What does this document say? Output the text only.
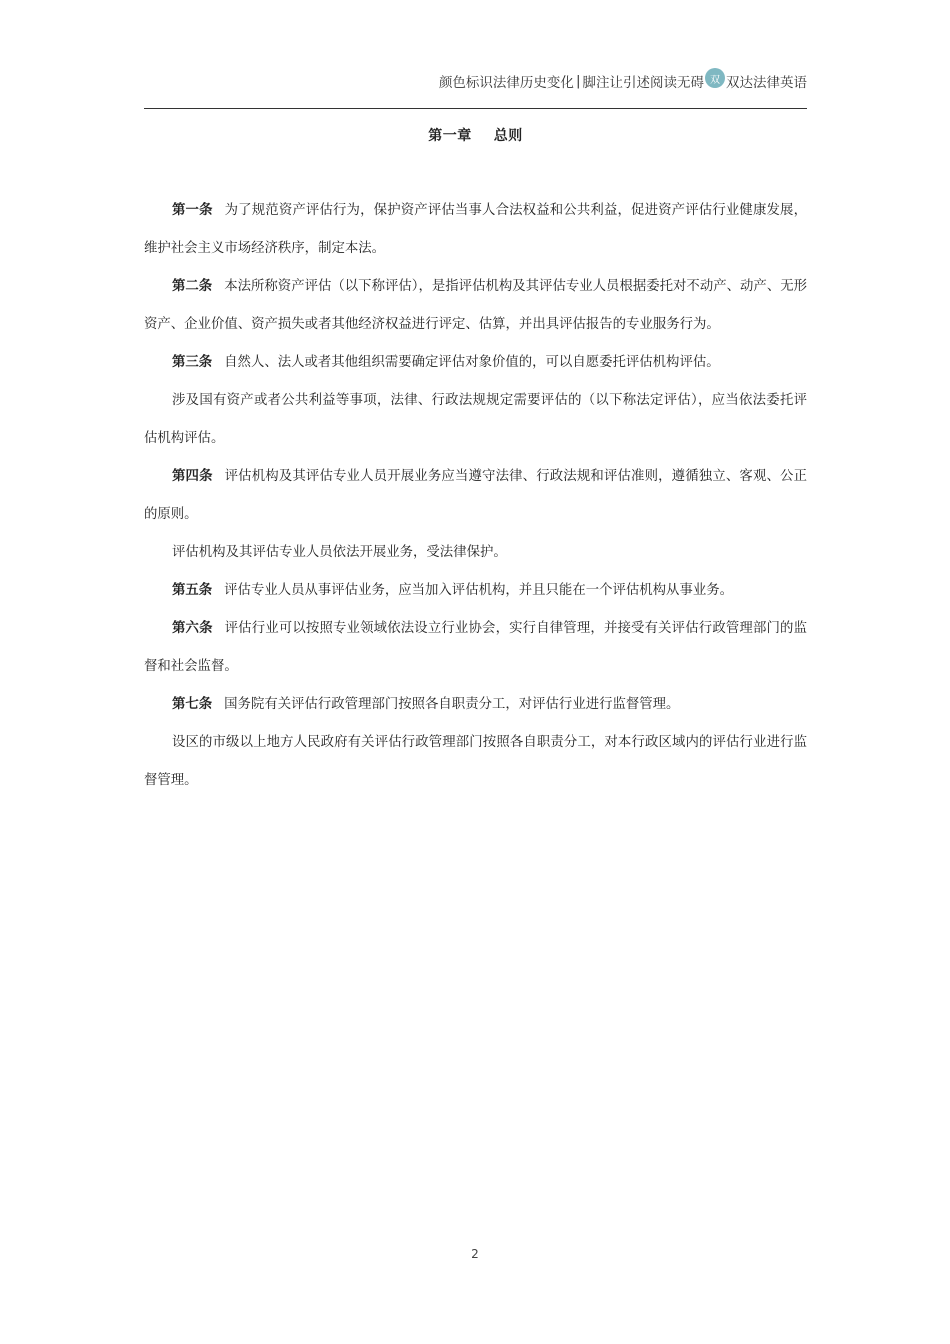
颜色标识法律历史变化 | 脚注让引述阅读无碍 双 双达法律英语
第一章 总则

第一条 为了规范资产评估行为，保护资产评估当事人合法权益和公共利益，促进资产评估行业健康发展，维护社会主义市场经济秩序，制定本法。

第二条 本法所称资产评估（以下称评估），是指评估机构及其评估专业人员根据委托对不动产、动产、无形资产、企业价值、资产损失或者其他经济权益进行评定、估算，并出具评估报告的专业服务行为。

第三条 自然人、法人或者其他组织需要确定评估对象价值的，可以自愿委托评估机构评估。

涉及国有资产或者公共利益等事项，法律、行政法规规定需要评估的（以下称法定评估），应当依法委托评估机构评估。

第四条 评估机构及其评估专业人员开展业务应当遵守法律、行政法规和评估准则，遵循独立、客观、公正的原则。

评估机构及其评估专业人员依法开展业务，受法律保护。

第五条 评估专业人员从事评估业务，应当加入评估机构，并且只能在一个评估机构从事业务。

第六条 评估行业可以按照专业领域依法设立行业协会，实行自律管理，并接受有关评估行政管理部门的监督和社会监督。

第七条 国务院有关评估行政管理部门按照各自职责分工，对评估行业进行监督管理。

设区的市级以上地方人民政府有关评估行政管理部门按照各自职责分工，对本行政区域内的评估行业进行监督管理。

2
